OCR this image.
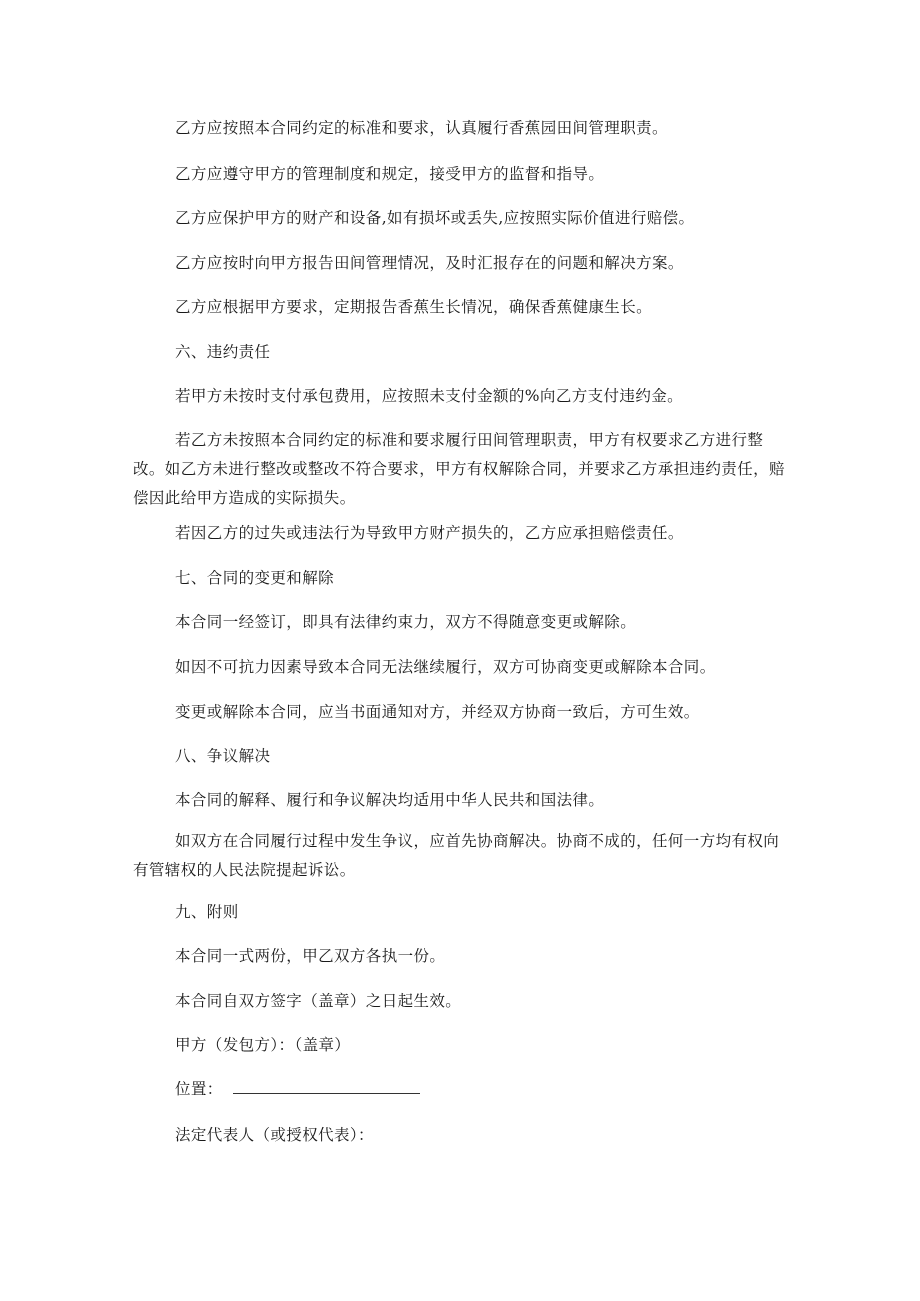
乙方应按照本合同约定的标准和要求，认真履行香蕉园田间管理职责。

乙方应遵守甲方的管理制度和规定，接受甲方的监督和指导。

乙方应保护甲方的财产和设备,如有损坏或丢失,应按照实际价值进行赔偿。

乙方应按时向甲方报告田间管理情况，及时汇报存在的问题和解决方案。

乙方应根据甲方要求，定期报告香蕉生长情况，确保香蕉健康生长。

六、违约责任

若甲方未按时支付承包费用，应按照未支付金额的%向乙方支付违约金。

若乙方未按照本合同约定的标准和要求履行田间管理职责，甲方有权要求乙方进行整改。如乙方未进行整改或整改不符合要求，甲方有权解除合同，并要求乙方承担违约责任，赔偿因此给甲方造成的实际损失。

若因乙方的过失或违法行为导致甲方财产损失的，乙方应承担赔偿责任。

七、合同的变更和解除

本合同一经签订，即具有法律约束力，双方不得随意变更或解除。

如因不可抗力因素导致本合同无法继续履行，双方可协商变更或解除本合同。

变更或解除本合同，应当书面通知对方，并经双方协商一致后，方可生效。

八、争议解决

本合同的解释、履行和争议解决均适用中华人民共和国法律。

如双方在合同履行过程中发生争议，应首先协商解决。协商不成的，任何一方均有权向有管辖权的人民法院提起诉讼。

九、附则

本合同一式两份，甲乙双方各执一份。

本合同自双方签字（盖章）之日起生效。

甲方（发包方）：（盖章）

位置：

法定代表人（或授权代表）：
